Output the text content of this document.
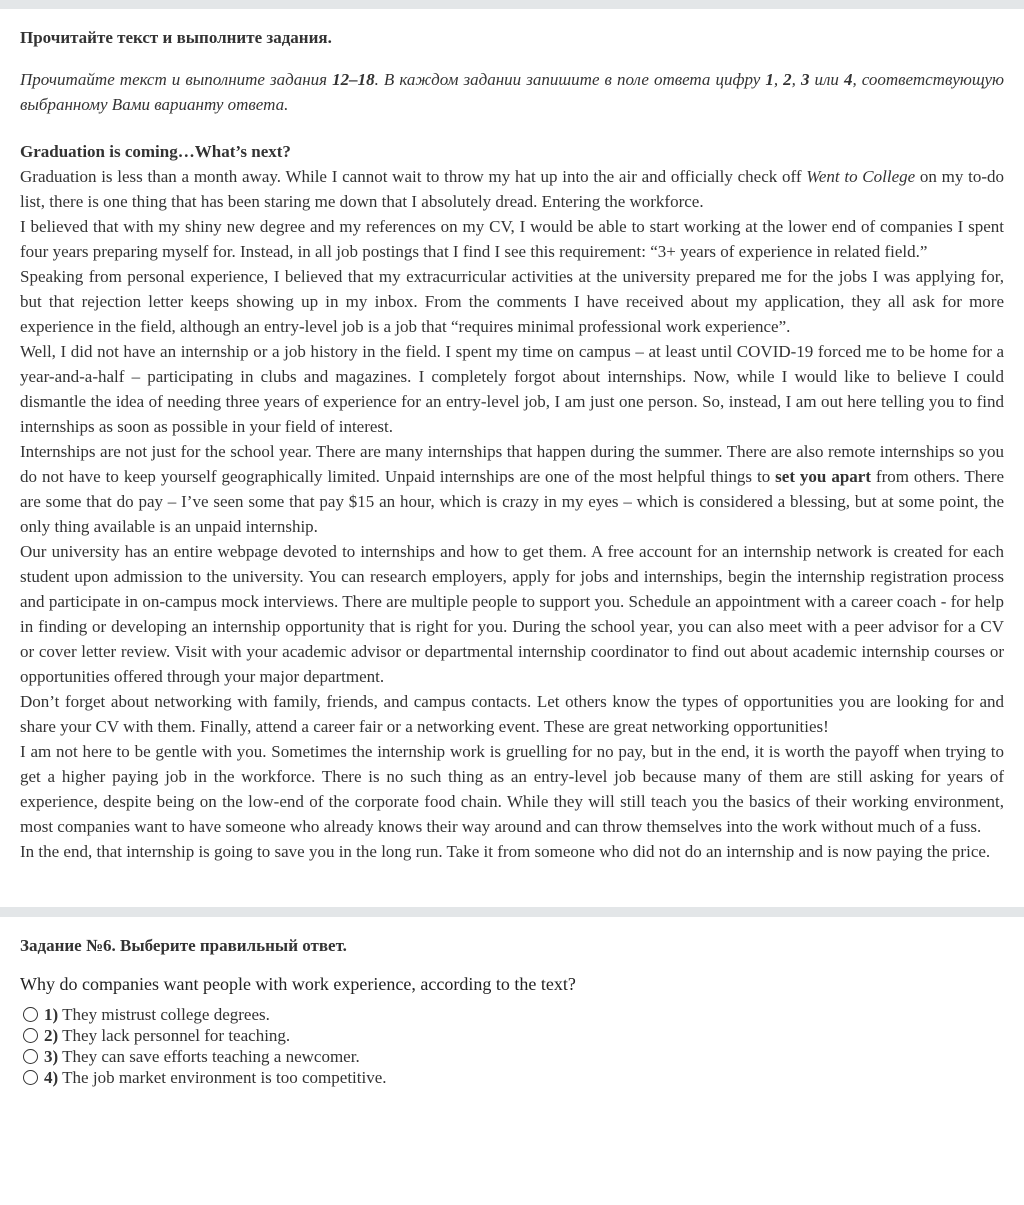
Прочитайте текст и выполните задания.

Прочитайте текст и выполните задания 12–18. В каждом задании запишите в поле ответа цифру 1, 2, 3 или 4, соответствующую выбранному Вами варианту ответа.

Graduation is coming…What’s next?

Graduation is less than a month away. While I cannot wait to throw my hat up into the air and officially check off Went to College on my to-do list, there is one thing that has been staring me down that I absolutely dread. Entering the workforce.

I believed that with my shiny new degree and my references on my CV, I would be able to start working at the lower end of companies I spent four years preparing myself for. Instead, in all job postings that I find I see this requirement: “3+ years of experience in related field.”

Speaking from personal experience, I believed that my extracurricular activities at the university prepared me for the jobs I was applying for, but that rejection letter keeps showing up in my inbox. From the comments I have received about my application, they all ask for more experience in the field, although an entry-level job is a job that “requires minimal professional work experience”.

Well, I did not have an internship or a job history in the field. I spent my time on campus – at least until COVID-19 forced me to be home for a year-and-a-half – participating in clubs and magazines. I completely forgot about internships. Now, while I would like to believe I could dismantle the idea of needing three years of experience for an entry-level job, I am just one person. So, instead, I am out here telling you to find internships as soon as possible in your field of interest.

Internships are not just for the school year. There are many internships that happen during the summer. There are also remote internships so you do not have to keep yourself geographically limited. Unpaid internships are one of the most helpful things to set you apart from others. There are some that do pay – I’ve seen some that pay $15 an hour, which is crazy in my eyes – which is considered a blessing, but at some point, the only thing available is an unpaid internship.

Our university has an entire webpage devoted to internships and how to get them. A free account for an internship network is created for each student upon admission to the university. You can research employers, apply for jobs and internships, begin the internship registration process and participate in on-campus mock interviews. There are multiple people to support you. Schedule an appointment with a career coach - for help in finding or developing an internship opportunity that is right for you. During the school year, you can also meet with a peer advisor for a CV or cover letter review. Visit with your academic advisor or departmental internship coordinator to find out about academic internship courses or opportunities offered through your major department.

Don’t forget about networking with family, friends, and campus contacts. Let others know the types of opportunities you are looking for and share your CV with them. Finally, attend a career fair or a networking event. These are great networking opportunities!

I am not here to be gentle with you. Sometimes the internship work is gruelling for no pay, but in the end, it is worth the payoff when trying to get a higher paying job in the workforce. There is no such thing as an entry-level job because many of them are still asking for years of experience, despite being on the low-end of the corporate food chain. While they will still teach you the basics of their working environment, most companies want to have someone who already knows their way around and can throw themselves into the work without much of a fuss.

In the end, that internship is going to save you in the long run. Take it from someone who did not do an internship and is now paying the price.

Задание №6. Выберите правильный ответ.
Why do companies want people with work experience, according to the text?
1) They mistrust college degrees.
2) They lack personnel for teaching.
3) They can save efforts teaching a newcomer.
4) The job market environment is too competitive.
